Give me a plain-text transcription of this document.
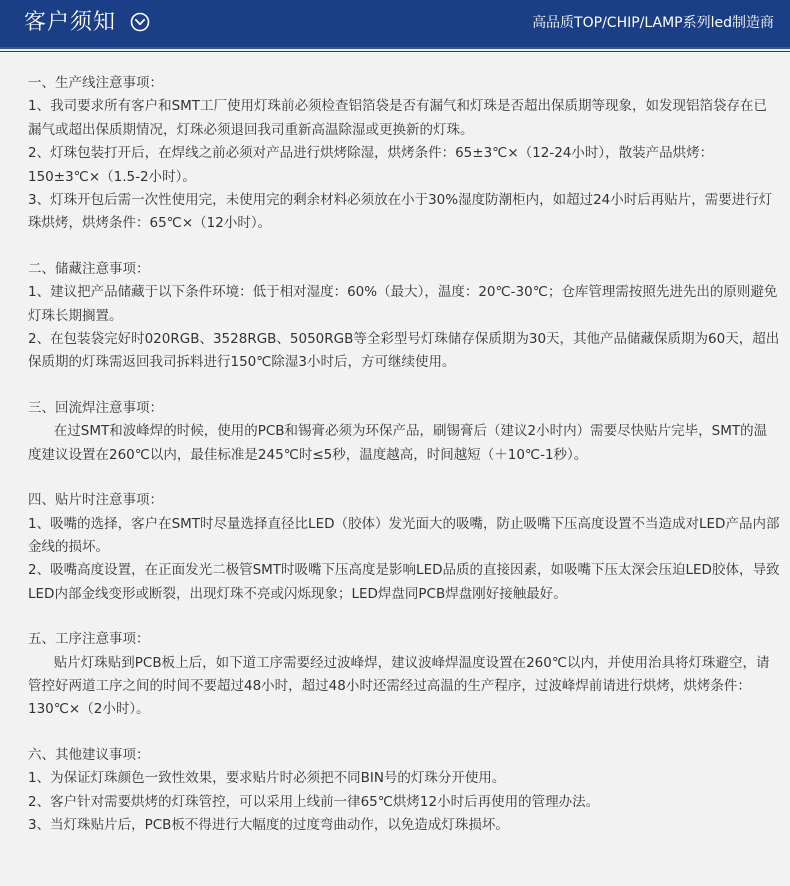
客户须知	高品质TOP/CHIP/LAMP系列led制造商
一、生产线注意事项：

1、我司要求所有客户和SMT工厂使用灯珠前必须检查铝箔袋是否有漏气和灯珠是否超出保质期等现象，如发现铝箔袋存在已漏气或超出保质期情况，灯珠必须退回我司重新高温除湿或更换新的灯珠。

2、灯珠包装打开后，在焊线之前必须对产品进行烘烤除湿，烘烤条件：65±3℃×（12-24小时），散装产品烘烤：150±3℃×（1.5-2小时）。

3、灯珠开包后需一次性使用完，未使用完的剩余材料必须放在小于30%湿度防潮柜内，如超过24小时后再贴片，需要进行灯珠烘烤，烘烤条件：65℃×（12小时）。

二、储藏注意事项：

1、建议把产品储藏于以下条件环境：低于相对湿度：60%（最大），温度：20℃-30℃；仓库管理需按照先进先出的原则避免灯珠长期搁置。

2、在包装袋完好时020RGB、3528RGB、5050RGB等全彩型号灯珠储存保质期为30天，其他产品储藏保质期为60天，超出保质期的灯珠需返回我司拆料进行150℃除湿3小时后，方可继续使用。

三、回流焊注意事项：

在过SMT和波峰焊的时候，使用的PCB和锡膏必须为环保产品，刷锡膏后（建议2小时内）需要尽快贴片完毕，SMT的温度建议设置在260℃以内，最佳标准是245℃时≤5秒，温度越高，时间越短（＋10℃-1秒）。

四、贴片时注意事项：

1、吸嘴的选择，客户在SMT时尽量选择直径比LED（胶体）发光面大的吸嘴，防止吸嘴下压高度设置不当造成对LED产品内部金线的损坏。

2、吸嘴高度设置，在正面发光二极管SMT时吸嘴下压高度是影响LED品质的直接因素，如吸嘴下压太深会压迫LED胶体，导致LED内部金线变形或断裂，出现灯珠不亮或闪烁现象；LED焊盘同PCB焊盘刚好接触最好。

五、工序注意事项：

贴片灯珠贴到PCB板上后，如下道工序需要经过波峰焊，建议波峰焊温度设置在260℃以内，并使用治具将灯珠避空，请管控好两道工序之间的时间不要超过48小时，超过48小时还需经过高温的生产程序，过波峰焊前请进行烘烤，烘烤条件：130℃×（2小时）。

六、其他建议事项：

1、为保证灯珠颜色一致性效果，要求贴片时必须把不同BIN号的灯珠分开使用。

2、客户针对需要烘烤的灯珠管控，可以采用上线前一律65℃烘烤12小时后再使用的管理办法。

3、当灯珠贴片后，PCB板不得进行大幅度的过度弯曲动作，以免造成灯珠损坏。
